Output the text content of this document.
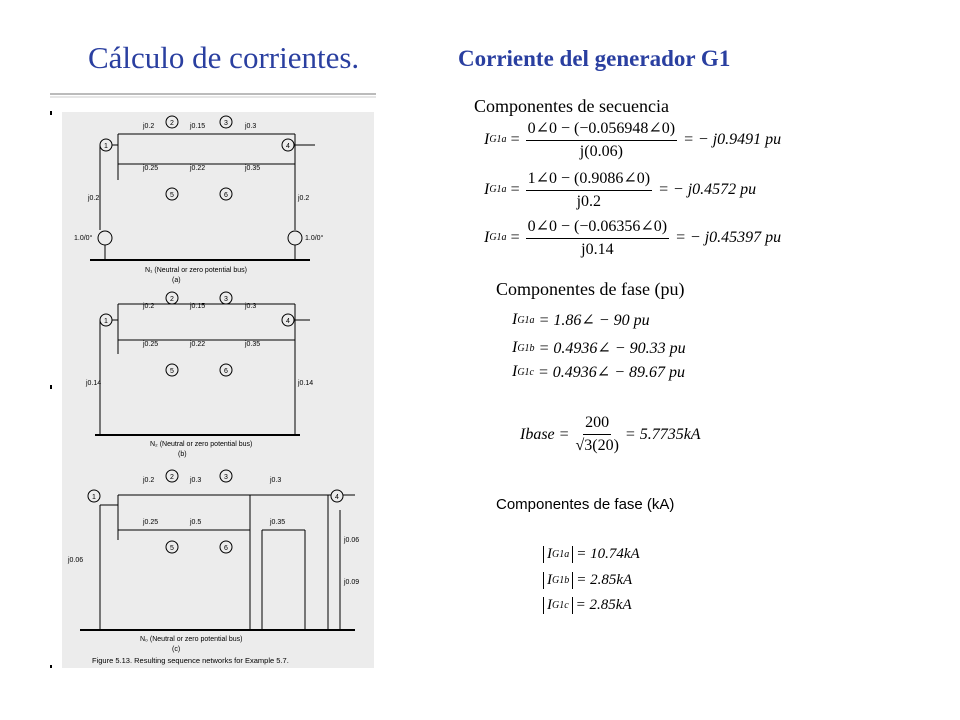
Cálculo de corrientes.	Corriente del generador G1
1
2	3
4
5	6
j0.2	j0.15	j0.3
j0.25	j0.22	j0.35
j0.2	j0.2
1.0/0°	1.0/0°
N₁ (Neutral or zero potential bus)
(a)
1
2	3
4
5	6
j0.2	j0.15	j0.3
j0.25	j0.22	j0.35
j0.14	j0.14
N₂ (Neutral or zero potential bus)
(b)
1
2	3
4
5	6
j0.2	j0.3	j0.3
j0.25	j0.5	j0.35
j0.06
j0.06
j0.09
N₀ (Neutral or zero potential bus)
(c)
Figure 5.13. Resulting sequence networks for Example 5.7.
Componentes de secuencia
I $G1a = \frac{0\angle 0 - (-0.056948\angle 0)}{j(0.06)}$ = − j0.9491 pu
I $G1a = \frac{1\angle 0 - (0.9086\angle 0)}{j0.2}$ = − j0.4572 pu
I $G1a = \frac{0\angle 0 - (-0.06356\angle 0)}{j0.14}$ = − j0.45397 pu
Componentes de fase (pu)
I G1a
= 1.86∠ − 90 pu
I G1b
= 0.4936∠ − 90.33 pu
I G1c
= 0.4936∠ − 89.67 pu
Ibase = $\frac{200}{√3(20)} = 5.7735kA$
Componentes de fase (kA)
I G1a = 10.74kA
I G1b = 2.85kA
I G1c = 2.85kA
